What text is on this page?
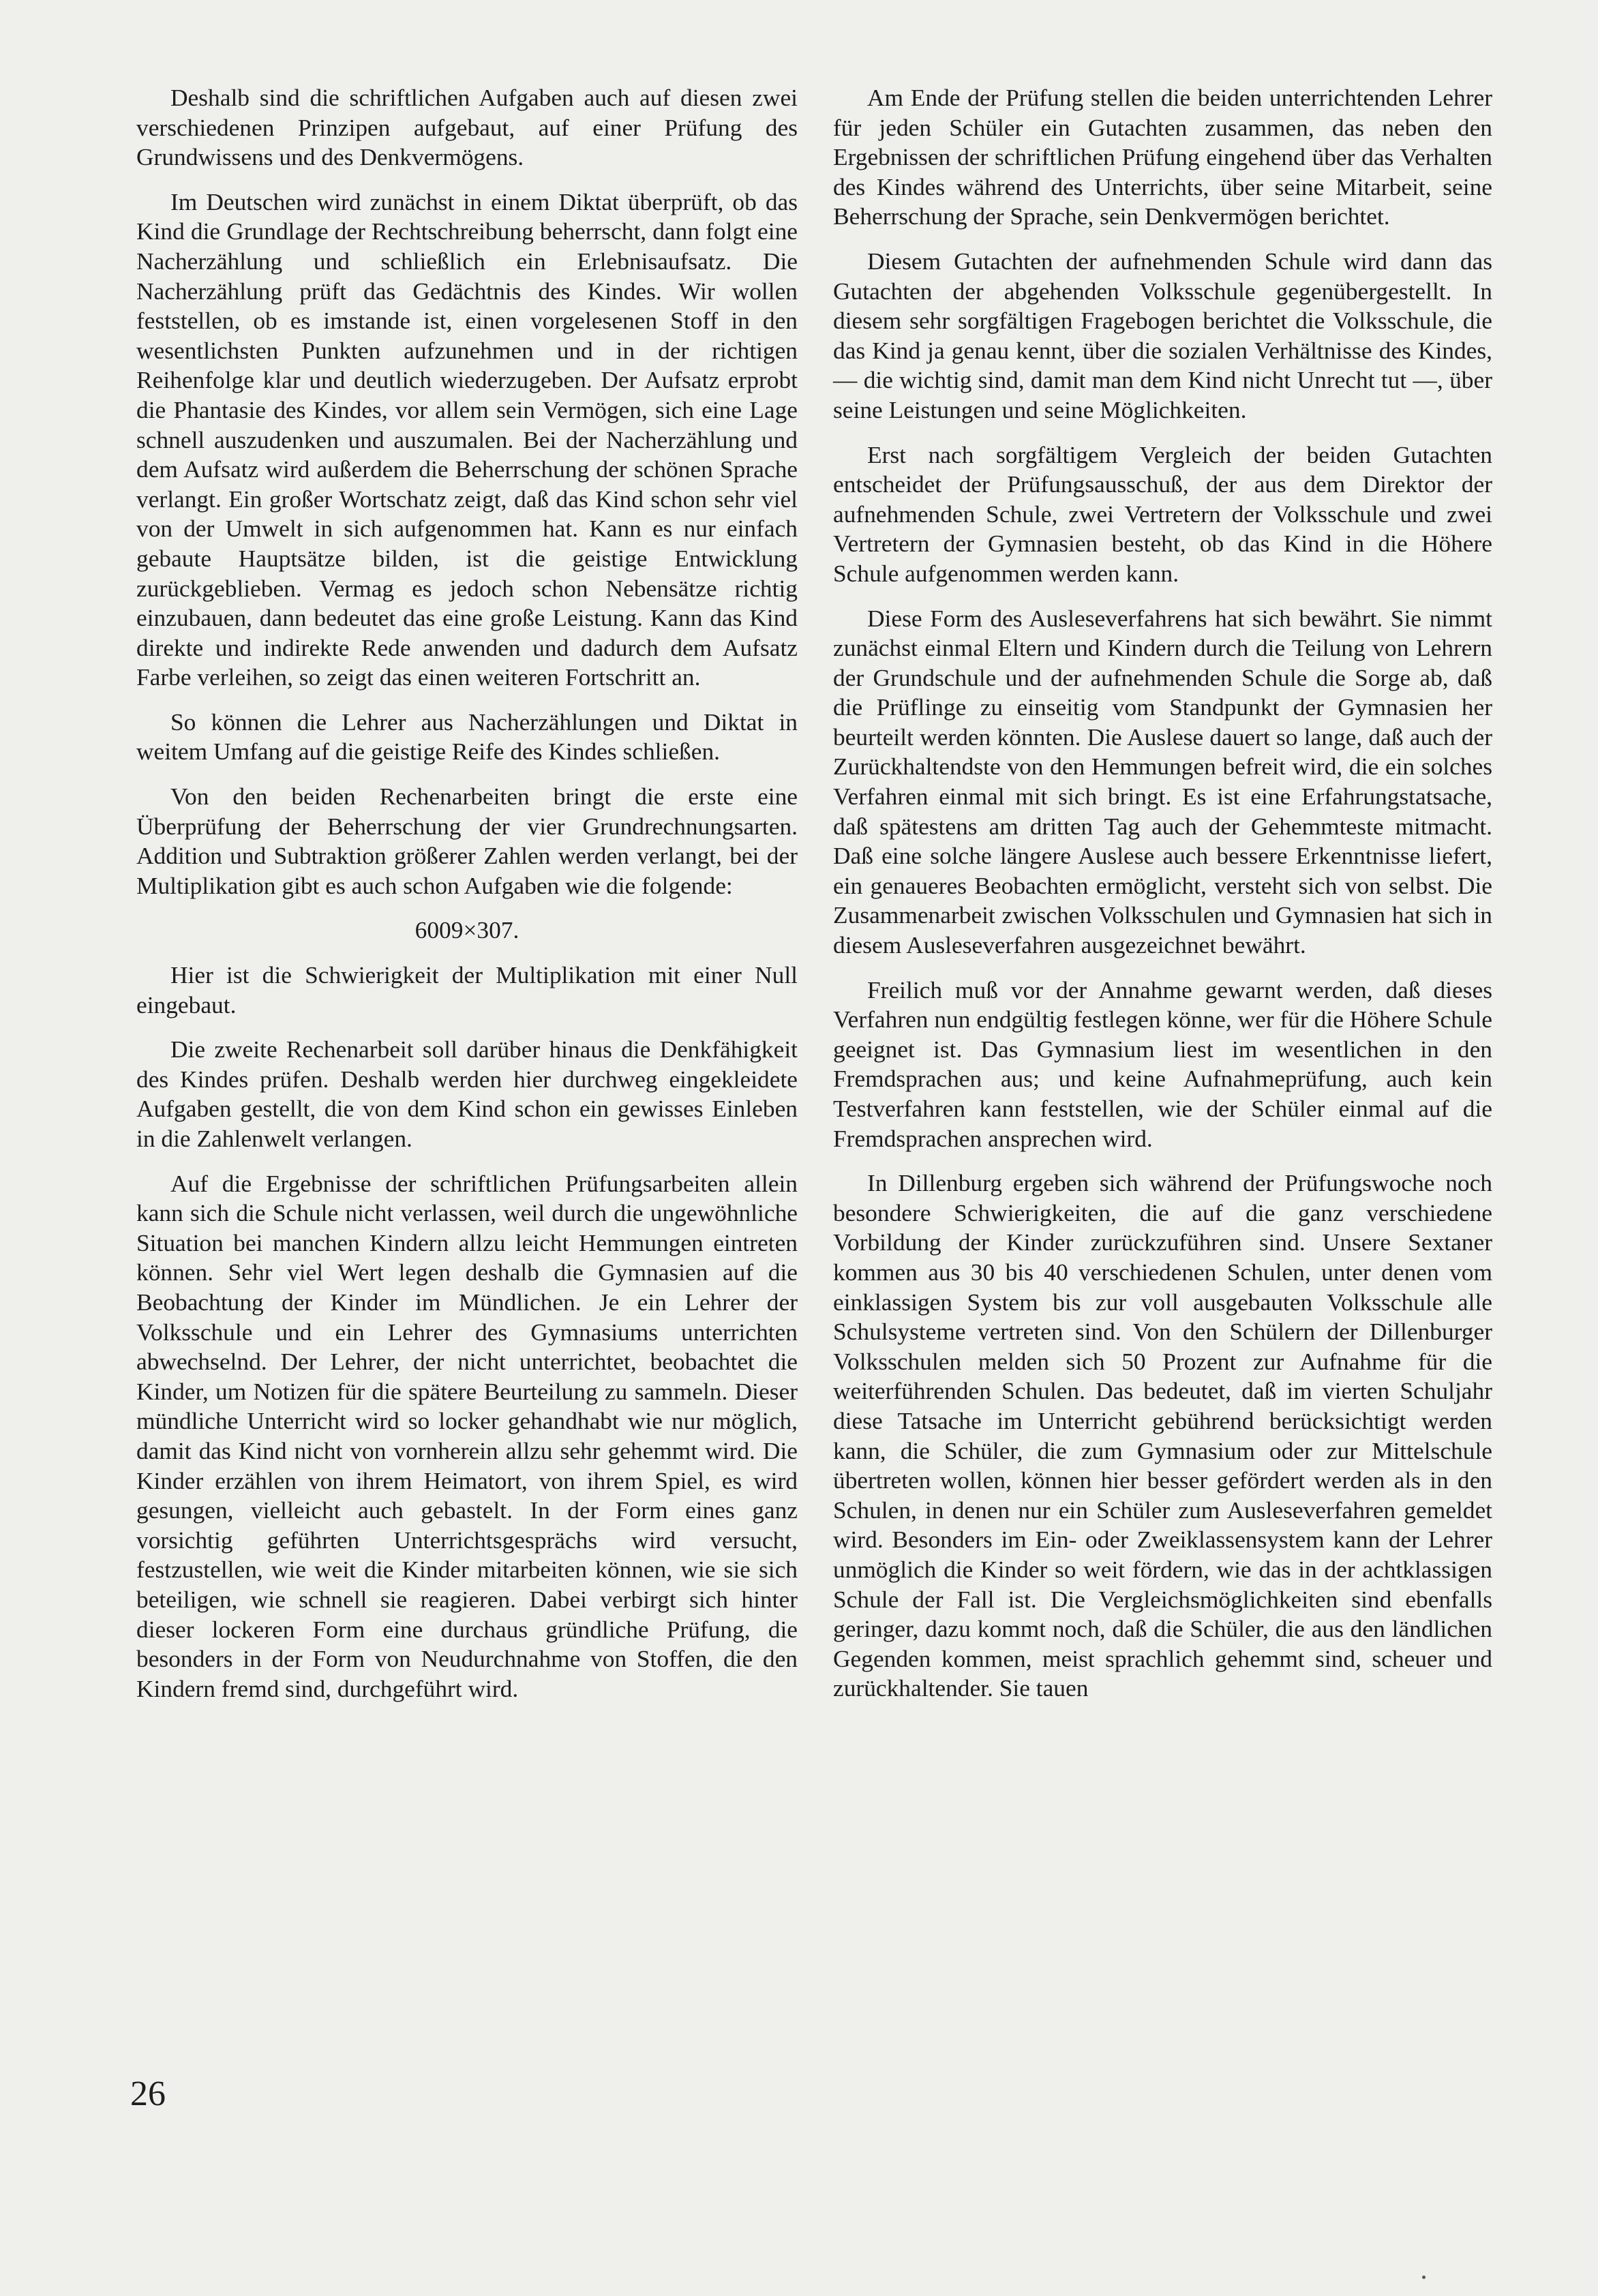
Deshalb sind die schriftlichen Aufgaben auch auf diesen zwei verschiedenen Prinzipen aufgebaut, auf einer Prüfung des Grundwissens und des Denkvermögens.

Im Deutschen wird zunächst in einem Diktat überprüft, ob das Kind die Grundlage der Rechtschreibung beherrscht, dann folgt eine Nacherzählung und schließlich ein Erlebnisaufsatz. Die Nacherzählung prüft das Gedächtnis des Kindes. Wir wollen feststellen, ob es imstande ist, einen vorgelesenen Stoff in den wesentlichsten Punkten aufzunehmen und in der richtigen Reihenfolge klar und deutlich wiederzugeben. Der Aufsatz erprobt die Phantasie des Kindes, vor allem sein Vermögen, sich eine Lage schnell auszudenken und auszumalen. Bei der Nacherzählung und dem Aufsatz wird außerdem die Beherrschung der schönen Sprache verlangt. Ein großer Wortschatz zeigt, daß das Kind schon sehr viel von der Umwelt in sich aufgenommen hat. Kann es nur einfach gebaute Hauptsätze bilden, ist die geistige Entwicklung zurückgeblieben. Vermag es jedoch schon Nebensätze richtig einzubauen, dann bedeutet das eine große Leistung. Kann das Kind direkte und indirekte Rede anwenden und dadurch dem Aufsatz Farbe verleihen, so zeigt das einen weiteren Fortschritt an.

So können die Lehrer aus Nacherzählungen und Diktat in weitem Umfang auf die geistige Reife des Kindes schließen.

Von den beiden Rechenarbeiten bringt die erste eine Überprüfung der Beherrschung der vier Grundrechnungsarten. Addition und Subtraktion größerer Zahlen werden verlangt, bei der Multiplikation gibt es auch schon Aufgaben wie die folgende:

6009×307.

Hier ist die Schwierigkeit der Multiplikation mit einer Null eingebaut.

Die zweite Rechenarbeit soll darüber hinaus die Denkfähigkeit des Kindes prüfen. Deshalb werden hier durchweg eingekleidete Aufgaben gestellt, die von dem Kind schon ein gewisses Einleben in die Zahlenwelt verlangen.

Auf die Ergebnisse der schriftlichen Prüfungsarbeiten allein kann sich die Schule nicht verlassen, weil durch die ungewöhnliche Situation bei manchen Kindern allzu leicht Hemmungen eintreten können. Sehr viel Wert legen deshalb die Gymnasien auf die Beobachtung der Kinder im Mündlichen. Je ein Lehrer der Volksschule und ein Lehrer des Gymnasiums unterrichten abwechselnd. Der Lehrer, der nicht unterrichtet, beobachtet die Kinder, um Notizen für die spätere Beurteilung zu sammeln. Dieser mündliche Unterricht wird so locker gehandhabt wie nur möglich, damit das Kind nicht von vornherein allzu sehr gehemmt wird. Die Kinder erzählen von ihrem Heimatort, von ihrem Spiel, es wird gesungen, vielleicht auch gebastelt. In der Form eines ganz vorsichtig geführten Unterrichtsgesprächs wird versucht, festzustellen, wie weit die Kinder mitarbeiten können, wie sie sich beteiligen, wie schnell sie reagieren. Dabei verbirgt sich hinter dieser lockeren Form eine durchaus gründliche Prüfung, die besonders in der Form von Neudurchnahme von Stoffen, die den Kindern fremd sind, durchgeführt wird.

Am Ende der Prüfung stellen die beiden unterrichtenden Lehrer für jeden Schüler ein Gutachten zusammen, das neben den Ergebnissen der schriftlichen Prüfung eingehend über das Verhalten des Kindes während des Unterrichts, über seine Mitarbeit, seine Beherrschung der Sprache, sein Denkvermögen berichtet.

Diesem Gutachten der aufnehmenden Schule wird dann das Gutachten der abgehenden Volksschule gegenübergestellt. In diesem sehr sorgfältigen Fragebogen berichtet die Volksschule, die das Kind ja genau kennt, über die sozialen Verhältnisse des Kindes, — die wichtig sind, damit man dem Kind nicht Unrecht tut —, über seine Leistungen und seine Möglichkeiten.

Erst nach sorgfältigem Vergleich der beiden Gutachten entscheidet der Prüfungsausschuß, der aus dem Direktor der aufnehmenden Schule, zwei Vertretern der Volksschule und zwei Vertretern der Gymnasien besteht, ob das Kind in die Höhere Schule aufgenommen werden kann.

Diese Form des Ausleseverfahrens hat sich bewährt. Sie nimmt zunächst einmal Eltern und Kindern durch die Teilung von Lehrern der Grundschule und der aufnehmenden Schule die Sorge ab, daß die Prüflinge zu einseitig vom Standpunkt der Gymnasien her beurteilt werden könnten. Die Auslese dauert so lange, daß auch der Zurückhaltendste von den Hemmungen befreit wird, die ein solches Verfahren einmal mit sich bringt. Es ist eine Erfahrungstatsache, daß spätestens am dritten Tag auch der Gehemmteste mitmacht. Daß eine solche längere Auslese auch bessere Erkenntnisse liefert, ein genaueres Beobachten ermöglicht, versteht sich von selbst. Die Zusammenarbeit zwischen Volksschulen und Gymnasien hat sich in diesem Ausleseverfahren ausgezeichnet bewährt.

Freilich muß vor der Annahme gewarnt werden, daß dieses Verfahren nun endgültig festlegen könne, wer für die Höhere Schule geeignet ist. Das Gymnasium liest im wesentlichen in den Fremdsprachen aus; und keine Aufnahmeprüfung, auch kein Testverfahren kann feststellen, wie der Schüler einmal auf die Fremdsprachen ansprechen wird.

In Dillenburg ergeben sich während der Prüfungswoche noch besondere Schwierigkeiten, die auf die ganz verschiedene Vorbildung der Kinder zurückzuführen sind. Unsere Sextaner kommen aus 30 bis 40 verschiedenen Schulen, unter denen vom einklassigen System bis zur voll ausgebauten Volksschule alle Schulsysteme vertreten sind. Von den Schülern der Dillenburger Volksschulen melden sich 50 Prozent zur Aufnahme für die weiterführenden Schulen. Das bedeutet, daß im vierten Schuljahr diese Tatsache im Unterricht gebührend berücksichtigt werden kann, die Schüler, die zum Gymnasium oder zur Mittelschule übertreten wollen, können hier besser gefördert werden als in den Schulen, in denen nur ein Schüler zum Ausleseverfahren gemeldet wird. Besonders im Ein- oder Zweiklassensystem kann der Lehrer unmöglich die Kinder so weit fördern, wie das in der achtklassigen Schule der Fall ist. Die Vergleichsmöglichkeiten sind ebenfalls geringer, dazu kommt noch, daß die Schüler, die aus den ländlichen Gegenden kommen, meist sprachlich gehemmt sind, scheuer und zurückhaltender. Sie tauen

26
